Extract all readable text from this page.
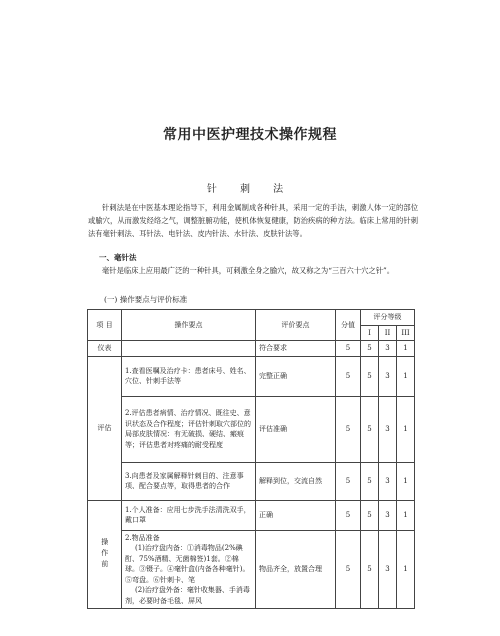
常用中医护理技术操作规程
针 刺 法
针刺法是在中医基本理论指导下，利用金属制成各种针具，采用一定的手法，刺激人体一定的部位或腧穴，从而激发经络之气，调整脏腑功能，使机体恢复健康，防治疾病的种方法。临床上常用的针刺法有毫针刺法、耳针法、电针法、皮内针法、水针法、皮肤针法等。
一、毫针法
毫针是临床上应用最广泛的一种针具，可刺激全身之腧穴，故又称之为“三百六十穴之针”。
(一) 操作要点与评价标准
项 目	操作要点	评价要点	分值	评分等级		
				I	II	III
仪表		符合要求	5	5	3	1
评估	1.查看医嘱及治疗卡：患者床号、姓名、穴位、针刺手法等	完整正确	5	5	3	1
	2.评估患者病情、治疗情况、既往史、意识状态及合作程度；评估针刺取穴部位的局部皮肤情况：有无破损、硬结、瘢痕等；评估患者对疼痛的耐受程度	评估准确	5	5	3	1
	3.向患者及家属解释针刺目的、注意事项、配合要点等，取得患者的合作	解释到位，交流自然	5	5	3	1

操作前	1.个人准备：应用七步洗手法清洗双手，戴口罩	正确	5	5	3	1

	2.物品准备
(1)治疗盘内备：①消毒物品(2%碘酊、75%酒精、无菌棉签)1套。②棉球。③镊子。④毫针盒(内备各种毫针)。⑤弯盘。⑥针刺卡、笔
(2)治疗盘外备：毫针收集器、手消毒剂，必要时备毛毯、屏风	物品齐全，放置合理	5	5	3	1
